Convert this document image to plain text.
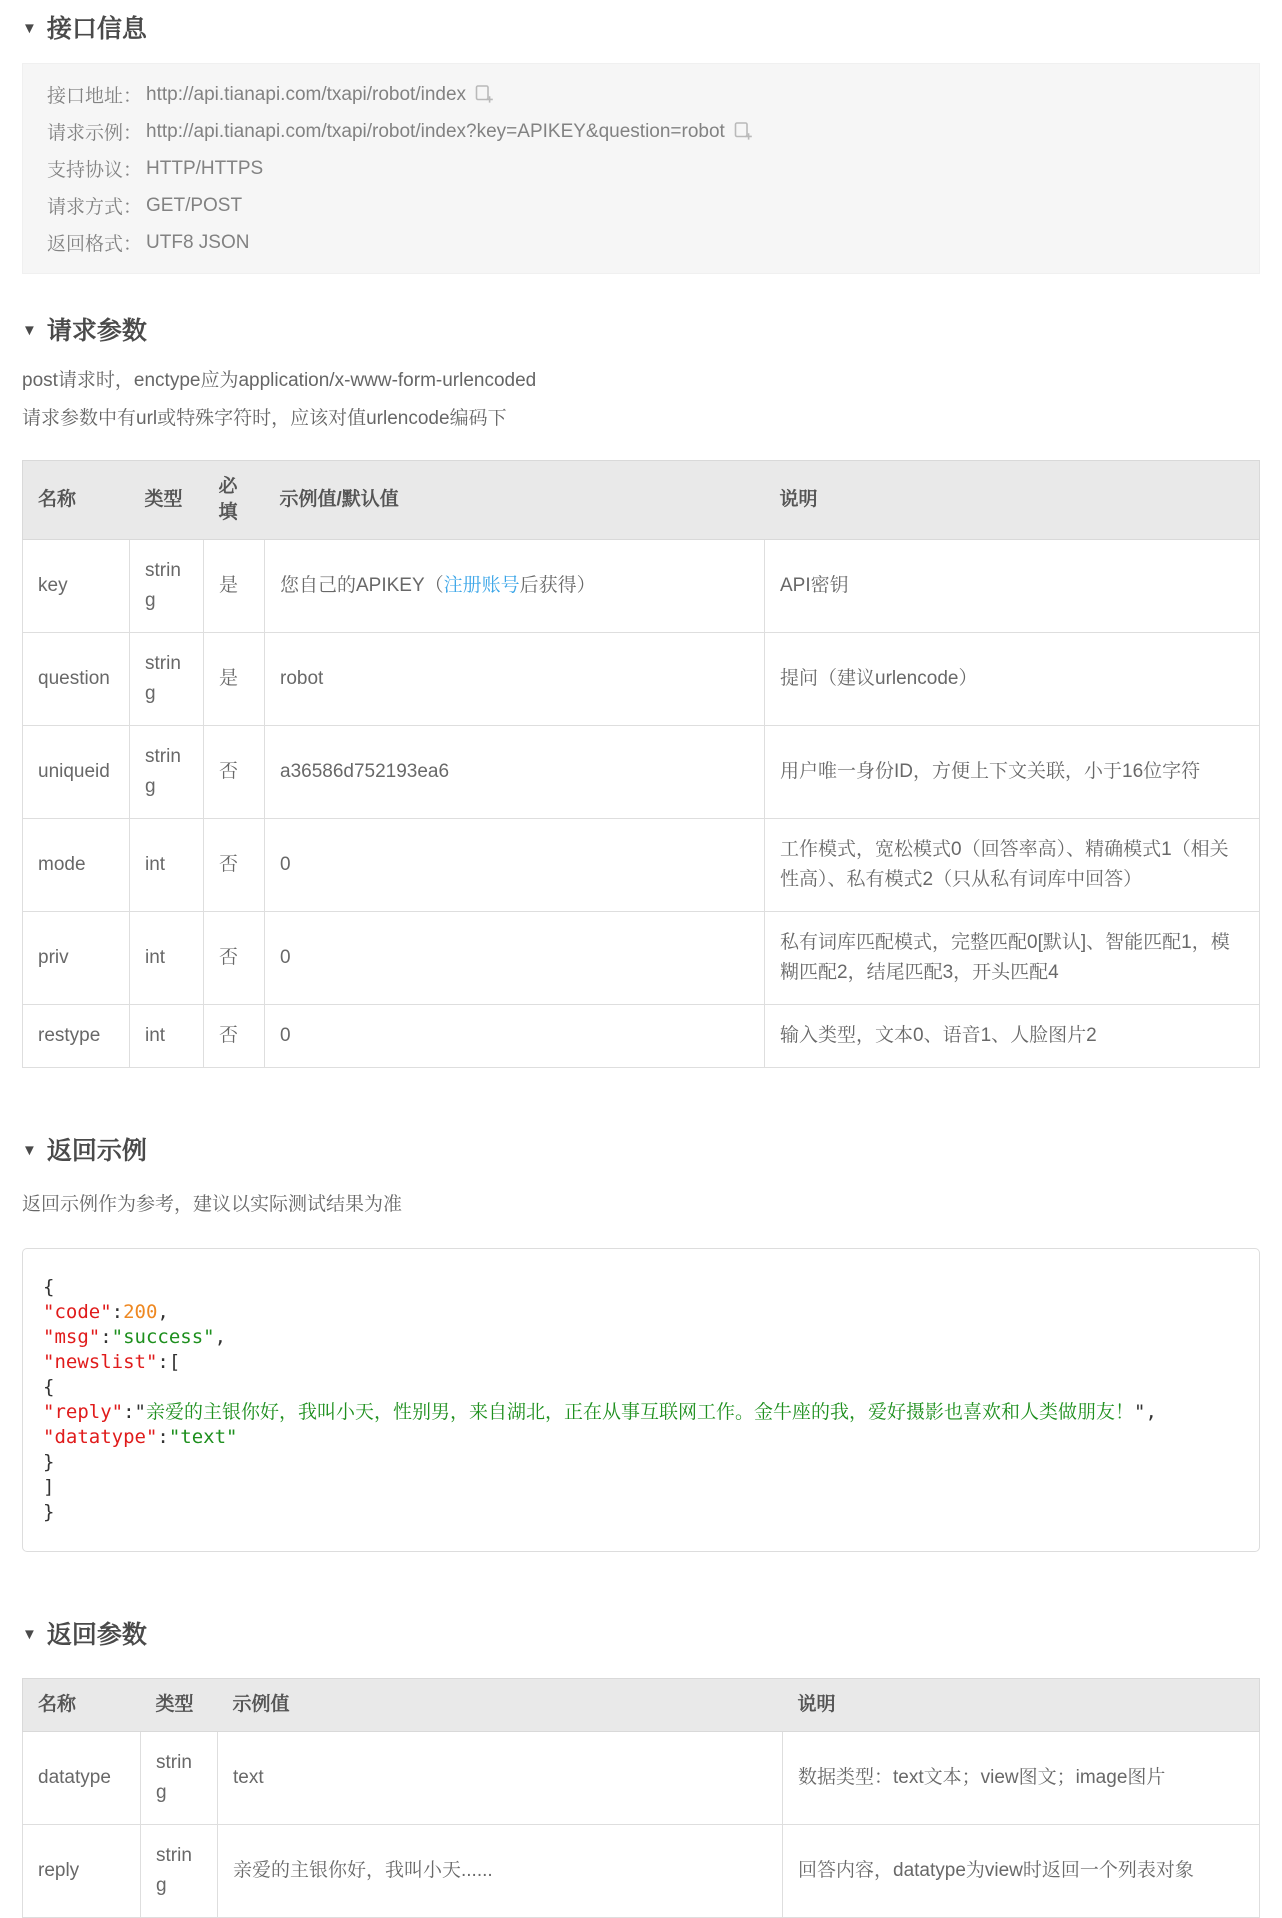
▼ 接口信息
接口地址： http://api.tianapi.com/txapi/robot/index
请求示例： http://api.tianapi.com/txapi/robot/index?key=APIKEY&question=robot
支持协议： HTTP/HTTPS
请求方式： GET/POST
返回格式： UTF8 JSON
▼ 请求参数
post请求时，enctype应为application/x-www-form-urlencoded
请求参数中有url或特殊字符时，应该对值urlencode编码下
名称	类型	必填	示例值/默认值	说明
key	string	是	您自己的APIKEY（注册账号后获得）	API密钥
question	string	是	robot	提问（建议urlencode）
uniqueid	string	否	a36586d752193ea6	用户唯一身份ID，方便上下文关联，小于16位字符
mode	int	否	0	工作模式，宽松模式0（回答率高）、精确模式1（相关性高）、私有模式2（只从私有词库中回答）
priv	int	否	0	私有词库匹配模式，完整匹配0[默认]、智能匹配1，模糊匹配2，结尾匹配3，开头匹配4
restype	int	否	0	输入类型，文本0、语音1、人脸图片2
▼ 返回示例
返回示例作为参考，建议以实际测试结果为准
{
"code":200,
"msg":"success",
"newslist":[
{
"reply":"亲爱的主银你好，我叫小天，性别男，来自湖北，正在从事互联网工作。金牛座的我，爱好摄影也喜欢和人类做朋友！",
"datatype":"text"
}
]
}
▼ 返回参数
名称	类型	示例值	说明
datatype	string	text	数据类型：text文本；view图文；image图片
reply	string	亲爱的主银你好，我叫小天......	回答内容，datatype为view时返回一个列表对象
